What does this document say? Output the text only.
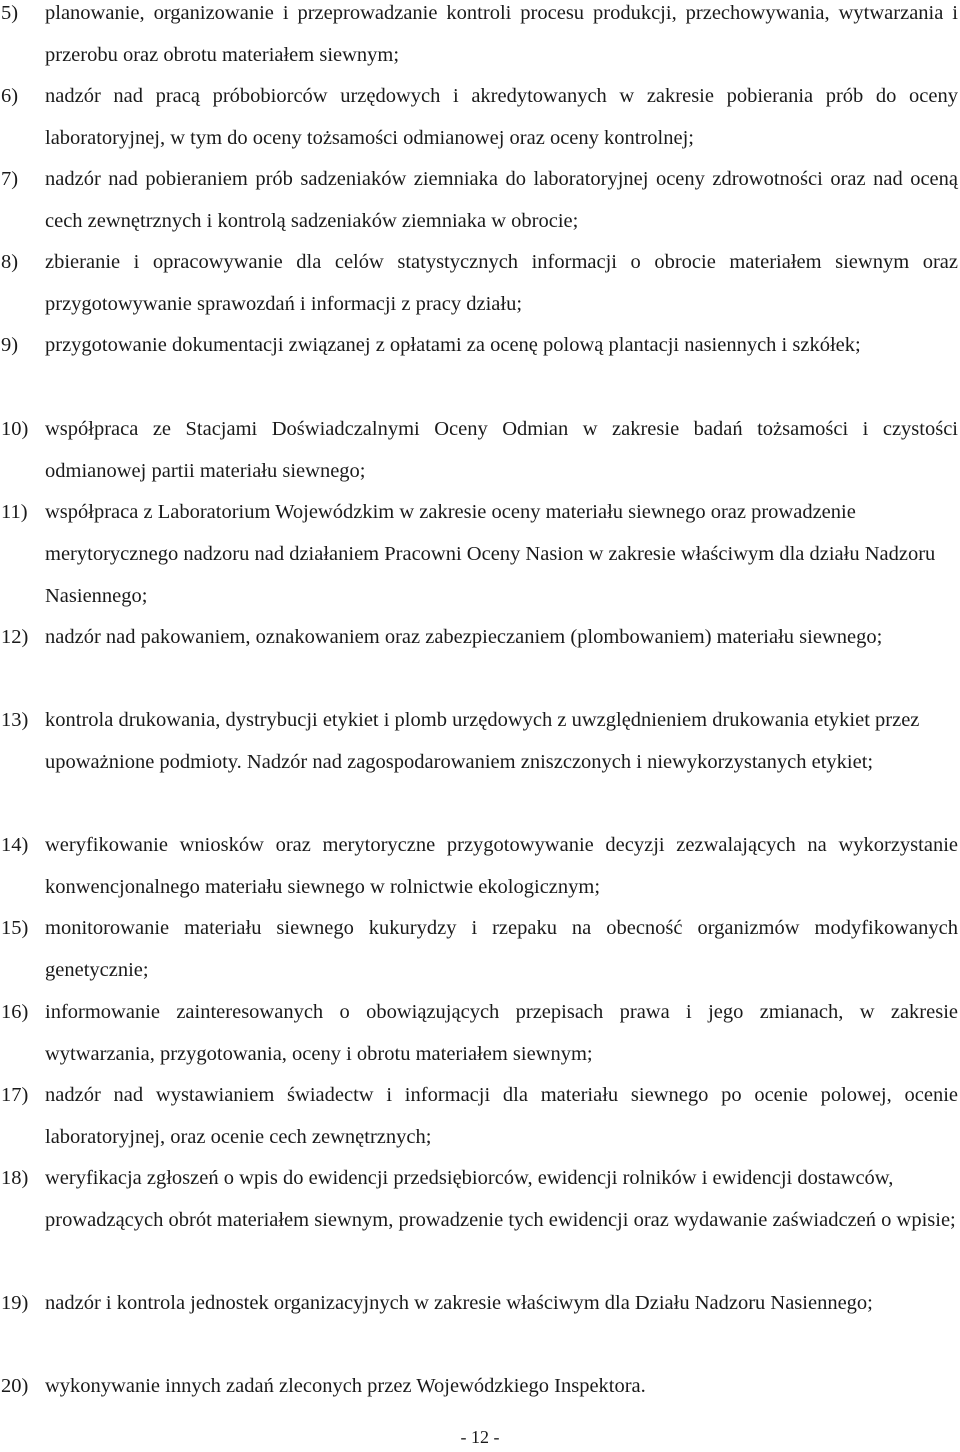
5) planowanie, organizowanie i przeprowadzanie kontroli procesu produkcji, przechowywania, wytwarzania i przerobu oraz obrotu materiałem siewnym;

6) nadzór nad pracą próbobiorców urzędowych i akredytowanych w zakresie pobierania prób do oceny laboratoryjnej, w tym do oceny tożsamości odmianowej oraz oceny kontrolnej;

7) nadzór nad pobieraniem prób sadzeniaków ziemniaka do laboratoryjnej oceny zdrowotności oraz nad oceną cech zewnętrznych i kontrolą sadzeniaków ziemniaka w obrocie;

8) zbieranie i opracowywanie dla celów statystycznych informacji o obrocie materiałem siewnym oraz przygotowywanie sprawozdań i informacji z pracy działu;

9) przygotowanie dokumentacji związanej z opłatami za ocenę polową plantacji nasiennych i szkółek;

10) współpraca ze Stacjami Doświadczalnymi Oceny Odmian w zakresie badań tożsamości i czystości odmianowej partii materiału siewnego;

11) współpraca z Laboratorium Wojewódzkim w zakresie oceny materiału siewnego oraz prowadzenie merytorycznego nadzoru nad działaniem Pracowni Oceny Nasion w zakresie właściwym dla działu Nadzoru Nasiennego;

12) nadzór nad pakowaniem, oznakowaniem oraz zabezpieczaniem (plombowaniem) materiału siewnego;

13) kontrola drukowania, dystrybucji etykiet i plomb urzędowych z uwzględnieniem drukowania etykiet przez upoważnione podmioty. Nadzór nad zagospodarowaniem zniszczonych i niewykorzystanych etykiet;

14) weryfikowanie wniosków oraz merytoryczne przygotowywanie decyzji zezwalających na wykorzystanie konwencjonalnego materiału siewnego w rolnictwie ekologicznym;

15) monitorowanie materiału siewnego kukurydzy i rzepaku na obecność organizmów modyfikowanych genetycznie;

16) informowanie zainteresowanych o obowiązujących przepisach prawa i jego zmianach, w zakresie wytwarzania, przygotowania, oceny i obrotu materiałem siewnym;

17) nadzór nad wystawianiem świadectw i informacji dla materiału siewnego po ocenie polowej, ocenie laboratoryjnej, oraz ocenie cech zewnętrznych;

18) weryfikacja zgłoszeń o wpis do ewidencji przedsiębiorców, ewidencji rolników i ewidencji dostawców, prowadzących obrót materiałem siewnym, prowadzenie tych ewidencji oraz wydawanie zaświadczeń o wpisie;

19) nadzór i kontrola jednostek organizacyjnych w zakresie właściwym dla Działu Nadzoru Nasiennego;

20) wykonywanie innych zadań zleconych przez Wojewódzkiego Inspektora.

- 12 -
